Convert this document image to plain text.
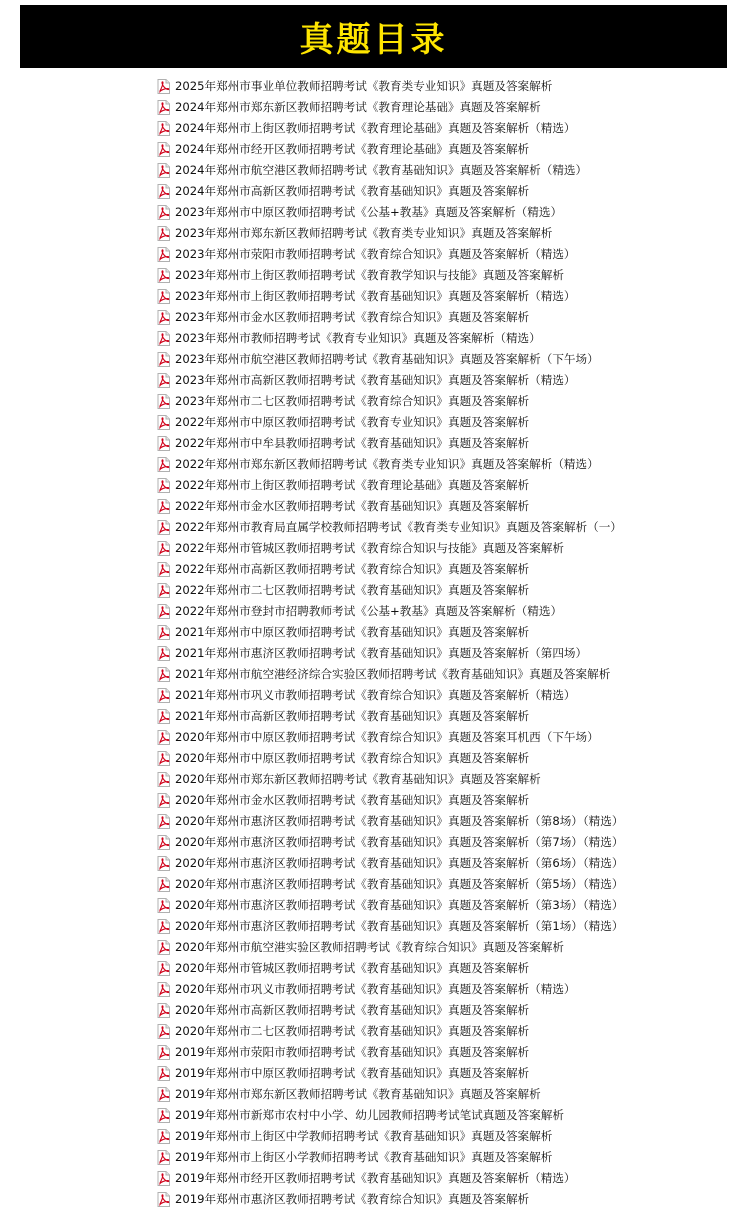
真题目录
2025年郑州市事业单位教师招聘考试《教育类专业知识》真题及答案解析
2024年郑州市郑东新区教师招聘考试《教育理论基础》真题及答案解析
2024年郑州市上街区教师招聘考试《教育理论基础》真题及答案解析（精选）
2024年郑州市经开区教师招聘考试《教育理论基础》真题及答案解析
2024年郑州市航空港区教师招聘考试《教育基础知识》真题及答案解析（精选）
2024年郑州市高新区教师招聘考试《教育基础知识》真题及答案解析
2023年郑州市中原区教师招聘考试《公基+教基》真题及答案解析（精选）
2023年郑州市郑东新区教师招聘考试《教育类专业知识》真题及答案解析
2023年郑州市荥阳市教师招聘考试《教育综合知识》真题及答案解析（精选）
2023年郑州市上街区教师招聘考试《教育教学知识与技能》真题及答案解析
2023年郑州市上街区教师招聘考试《教育基础知识》真题及答案解析（精选）
2023年郑州市金水区教师招聘考试《教育综合知识》真题及答案解析
2023年郑州市教师招聘考试《教育专业知识》真题及答案解析（精选）
2023年郑州市航空港区教师招聘考试《教育基础知识》真题及答案解析（下午场）
2023年郑州市高新区教师招聘考试《教育基础知识》真题及答案解析（精选）
2023年郑州市二七区教师招聘考试《教育综合知识》真题及答案解析
2022年郑州市中原区教师招聘考试《教育专业知识》真题及答案解析
2022年郑州市中牟县教师招聘考试《教育基础知识》真题及答案解析
2022年郑州市郑东新区教师招聘考试《教育类专业知识》真题及答案解析（精选）
2022年郑州市上街区教师招聘考试《教育理论基础》真题及答案解析
2022年郑州市金水区教师招聘考试《教育基础知识》真题及答案解析
2022年郑州市教育局直属学校教师招聘考试《教育类专业知识》真题及答案解析（一）
2022年郑州市管城区教师招聘考试《教育综合知识与技能》真题及答案解析
2022年郑州市高新区教师招聘考试《教育综合知识》真题及答案解析
2022年郑州市二七区教师招聘考试《教育基础知识》真题及答案解析
2022年郑州市登封市招聘教师考试《公基+教基》真题及答案解析（精选）
2021年郑州市中原区教师招聘考试《教育基础知识》真题及答案解析
2021年郑州市惠济区教师招聘考试《教育基础知识》真题及答案解析（第四场）
2021年郑州市航空港经济综合实验区教师招聘考试《教育基础知识》真题及答案解析
2021年郑州市巩义市教师招聘考试《教育综合知识》真题及答案解析（精选）
2021年郑州市高新区教师招聘考试《教育基础知识》真题及答案解析
2020年郑州市中原区教师招聘考试《教育综合知识》真题及答案耳机西（下午场）
2020年郑州市中原区教师招聘考试《教育综合知识》真题及答案解析
2020年郑州市郑东新区教师招聘考试《教育基础知识》真题及答案解析
2020年郑州市金水区教师招聘考试《教育基础知识》真题及答案解析
2020年郑州市惠济区教师招聘考试《教育基础知识》真题及答案解析（第8场）（精选）
2020年郑州市惠济区教师招聘考试《教育基础知识》真题及答案解析（第7场）（精选）
2020年郑州市惠济区教师招聘考试《教育基础知识》真题及答案解析（第6场）（精选）
2020年郑州市惠济区教师招聘考试《教育基础知识》真题及答案解析（第5场）（精选）
2020年郑州市惠济区教师招聘考试《教育基础知识》真题及答案解析（第3场）（精选）
2020年郑州市惠济区教师招聘考试《教育基础知识》真题及答案解析（第1场）（精选）
2020年郑州市航空港实验区教师招聘考试《教育综合知识》真题及答案解析
2020年郑州市管城区教师招聘考试《教育基础知识》真题及答案解析
2020年郑州市巩义市教师招聘考试《教育基础知识》真题及答案解析（精选）
2020年郑州市高新区教师招聘考试《教育基础知识》真题及答案解析
2020年郑州市二七区教师招聘考试《教育基础知识》真题及答案解析
2019年郑州市荥阳市教师招聘考试《教育基础知识》真题及答案解析
2019年郑州市中原区教师招聘考试《教育基础知识》真题及答案解析
2019年郑州市郑东新区教师招聘考试《教育基础知识》真题及答案解析
2019年郑州市新郑市农村中小学、幼儿园教师招聘考试笔试真题及答案解析
2019年郑州市上街区中学教师招聘考试《教育基础知识》真题及答案解析
2019年郑州市上街区小学教师招聘考试《教育基础知识》真题及答案解析
2019年郑州市经开区教师招聘考试《教育基础知识》真题及答案解析（精选）
2019年郑州市惠济区教师招聘考试《教育综合知识》真题及答案解析
